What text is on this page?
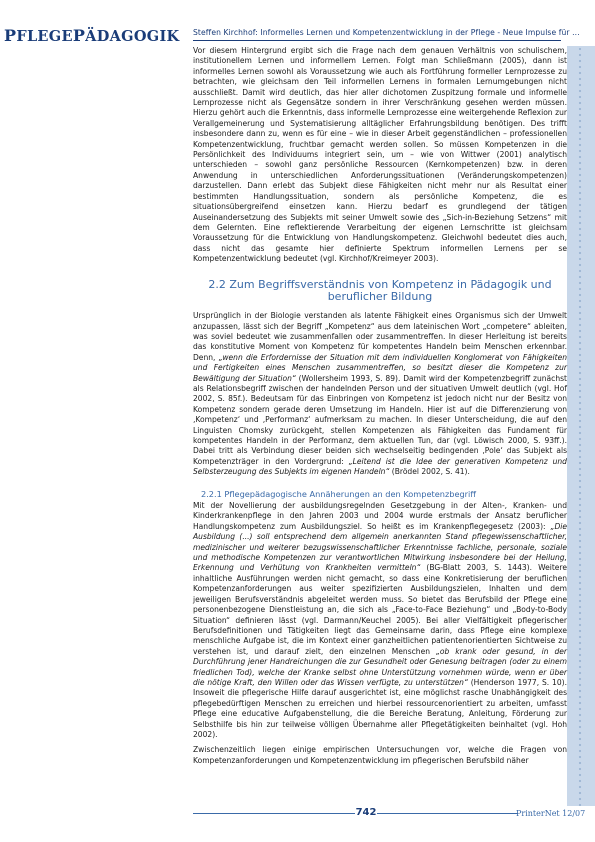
PFLEGEPÄDAGOGIK Steffen Kirchhof: Informelles Lernen und Kompetenzentwicklung in der Pflege - Neue Impulse für ...

Vor diesem Hintergrund ergibt sich die Frage nach dem genauen Verhältnis von schulischem, institutionellem Lernen und informellem Lernen. Folgt man Schließmann (2005), dann ist informelles Lernen sowohl als Voraussetzung wie auch als Fortführung formeller Lernprozesse zu betrachten, wie gleichsam den Teil informellen Lernens in formalen Lernumgebungen nicht ausschließt. Damit wird deutlich, das hier aller dichotomen Zuspitzung formale und informelle Lernprozesse nicht als Gegensätze sondern in ihrer Verschränkung gesehen werden müssen. Hierzu gehört auch die Erkenntnis, dass informelle Lernprozesse eine weitergehende Reflexion zur Verallgemeinerung und Systematisierung alltäglicher Erfahrungsbildung benötigen. Des trifft insbesondere dann zu, wenn es für eine – wie in dieser Arbeit gegenständlichen – professionellen Kompetenzentwicklung, fruchtbar gemacht werden sollen. So müssen Kompetenzen in die Persönlichkeit des Individuums integriert sein, um – wie von Wittwer (2001) analytisch unterschieden – sowohl ganz persönliche Ressourcen (Kernkompetenzen) bzw. in deren Anwendung in unterschiedlichen Anforderungssituationen (Veränderungskompetenzen) darzustellen. Dann erlebt das Subjekt diese Fähigkeiten nicht mehr nur als Resultat einer bestimmten Handlungssituation, sondern als persönliche Kompetenz, die es situationsübergreifend einsetzen kann. Hierzu bedarf es grundlegend der tätigen Auseinandersetzung des Subjekts mit seiner Umwelt sowie des „Sich-in-Beziehung Setzens“ mit dem Gelernten. Eine reflektierende Verarbeitung der eigenen Lernschritte ist gleichsam Voraussetzung für die Entwicklung von Handlungskompetenz. Gleichwohl bedeutet dies auch, dass nicht das gesamte hier definierte Spektrum informellen Lernens per se Kompetenzentwicklung bedeutet (vgl. Kirchhof/Kreimeyer 2003).

2.2 Zum Begriffsverständnis von Kompetenz in Pädagogik und beruflicher Bildung

Ursprünglich in der Biologie verstanden als latente Fähigkeit eines Organismus sich der Umwelt anzupassen, lässt sich der Begriff „Kompetenz“ aus dem lateinischen Wort „competere“ ableiten, was soviel bedeutet wie zusammenfallen oder zusammentreffen. In dieser Herleitung ist bereits das konstitutive Moment von Kompetenz für kompetentes Handeln beim Menschen erkennbar. Denn, „wenn die Erfordernisse der Situation mit dem individuellen Konglomerat von Fähigkeiten und Fertigkeiten eines Menschen zusammentreffen, so besitzt dieser die Kompetenz zur Bewältigung der Situation“ (Wollersheim 1993, S. 89). Damit wird der Kompetenzbegriff zunächst als Relationsbegriff zwischen der handelnden Person und der situativen Umwelt deutlich (vgl. Hof 2002, S. 85f.). Bedeutsam für das Einbringen von Kompetenz ist jedoch nicht nur der Besitz von Kompetenz sondern gerade deren Umsetzung im Handeln. Hier ist auf die Differenzierung von ‚Kompetenz‘ und ‚Performanz‘ aufmerksam zu machen. In dieser Unterscheidung, die auf den Linguisten Chomsky zurückgeht, stellen Kompetenzen als Fähigkeiten das Fundament für kompetentes Handeln in der Performanz, dem aktuellen Tun, dar (vgl. Löwisch 2000, S. 93ff.). Dabei tritt als Verbindung dieser beiden sich wechselseitig bedingenden ‚Pole‘ das Subjekt als Kompetenzträger in den Vordergrund: „Leitend ist die Idee der generativen Kompetenz und Selbsterzeugung des Subjekts im eigenen Handeln“ (Brödel 2002, S. 41).

2.2.1 Pflegepädagogische Annäherungen an den Kompetenzbegriff

Mit der Novellierung der ausbildungsregelnden Gesetzgebung in der Alten-, Kranken- und Kinderkrankenpflege in den Jahren 2003 und 2004 wurde erstmals der Ansatz beruflicher Handlungskompetenz zum Ausbildungsziel. So heißt es im Krankenpflegegesetz (2003): „Die Ausbildung (...) soll entsprechend dem allgemein anerkannten Stand pflegewissenschaftlicher, medizinischer und weiterer bezugswissenschaftlicher Erkenntnisse fachliche, personale, soziale und methodische Kompetenzen zur verantwortlichen Mitwirkung insbesondere bei der Heilung, Erkennung und Verhütung von Krankheiten vermitteln“ (BG-Blatt 2003, S. 1443). Weitere inhaltliche Ausführungen werden nicht gemacht, so dass eine Konkretisierung der beruflichen Kompetenzanforderungen aus weiter spezifizierten Ausbildungszielen, Inhalten und dem jeweiligen Berufsverständnis abgeleitet werden muss. So bietet das Berufsbild der Pflege eine personenbezogene Dienstleistung an, die sich als „Face-to-Face Beziehung“ und „Body-to-Body Situation“ definieren lässt (vgl. Darmann/Keuchel 2005). Bei aller Vielfältigkeit pflegerischer Berufsdefinitionen und Tätigkeiten liegt das Gemeinsame darin, dass Pflege eine komplexe menschliche Aufgabe ist, die im Kontext einer ganzheitlichen patientenorientierten Sichtweise zu verstehen ist, und darauf zielt, den einzelnen Menschen „ob krank oder gesund, in der Durchführung jener Handreichungen die zur Gesundheit oder Genesung beitragen (oder zu einem friedlichen Tod), welche der Kranke selbst ohne Unterstützung vornehmen würde, wenn er über die nötige Kraft, den Willen oder das Wissen verfügte, zu unterstützen“ (Henderson 1977, S. 10). Insoweit die pflegerische Hilfe darauf ausgerichtet ist, eine möglichst rasche Unabhängigkeit des pflegebedürftigen Menschen zu erreichen und hierbei ressourcenorientiert zu arbeiten, umfasst Pflege eine educative Aufgabenstellung, die die Bereiche Beratung, Anleitung, Förderung zur Selbsthilfe bis hin zur teilweise völligen Übernahme aller Pflegetätigkeiten beinhaltet (vgl. Hoh 2002).

Zwischenzeitlich liegen einige empirischen Untersuchungen vor, welche die Fragen von Kompetenzanforderungen und Kompetenzentwicklung im pflegerischen Berufsbild näher

742	PrinterNet 12/07
